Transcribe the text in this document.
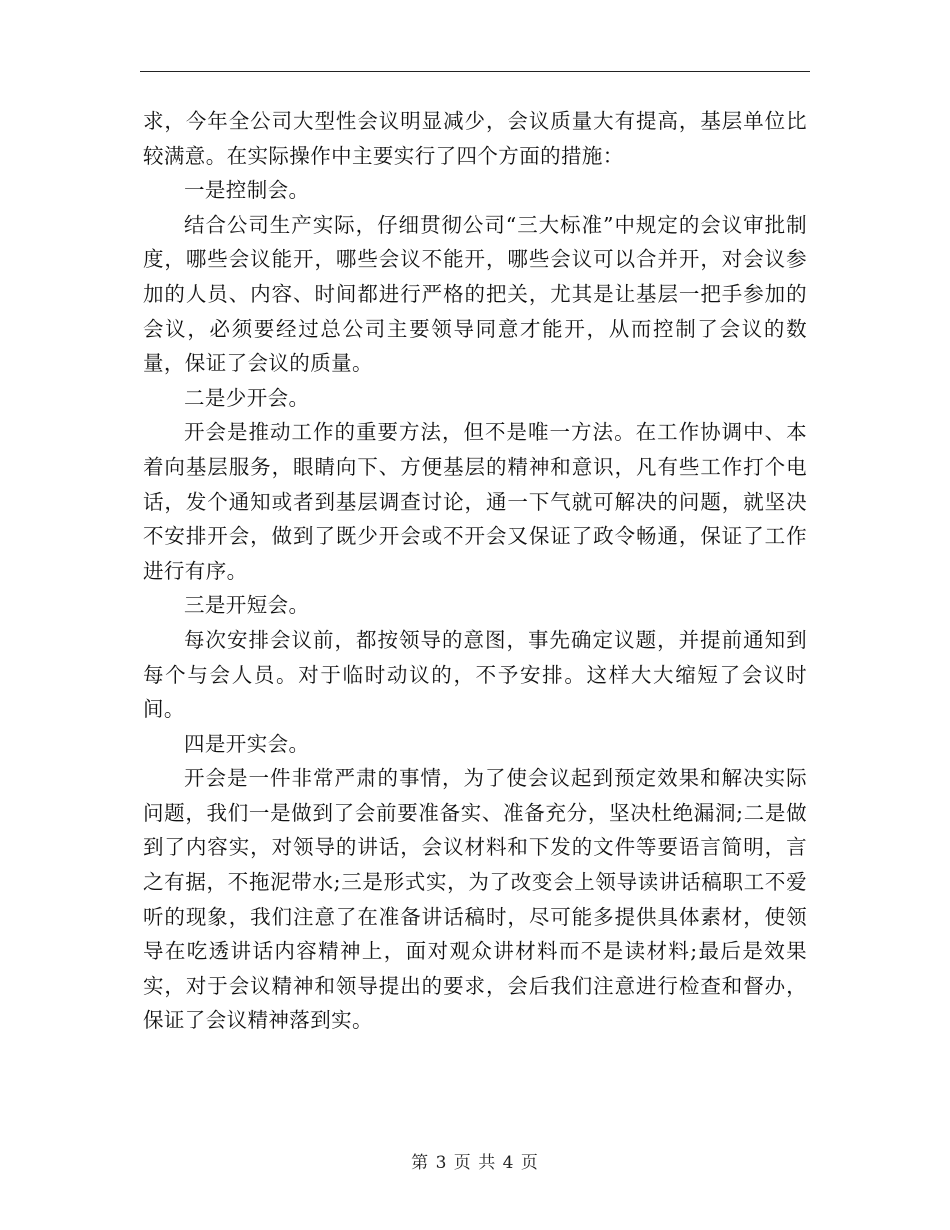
求，今年全公司大型性会议明显减少，会议质量大有提高，基层单位比较满意。在实际操作中主要实行了四个方面的措施：

一是控制会。

结合公司生产实际，仔细贯彻公司“三大标准”中规定的会议审批制度，哪些会议能开，哪些会议不能开，哪些会议可以合并开，对会议参加的人员、内容、时间都进行严格的把关，尤其是让基层一把手参加的会议，必须要经过总公司主要领导同意才能开，从而控制了会议的数量，保证了会议的质量。

二是少开会。

开会是推动工作的重要方法，但不是唯一方法。在工作协调中、本着向基层服务，眼睛向下、方便基层的精神和意识，凡有些工作打个电话，发个通知或者到基层调查讨论，通一下气就可解决的问题，就坚决不安排开会，做到了既少开会或不开会又保证了政令畅通，保证了工作进行有序。

三是开短会。

每次安排会议前，都按领导的意图，事先确定议题，并提前通知到每个与会人员。对于临时动议的，不予安排。这样大大缩短了会议时间。

四是开实会。

开会是一件非常严肃的事情，为了使会议起到预定效果和解决实际问题，我们一是做到了会前要准备实、准备充分，坚决杜绝漏洞;二是做到了内容实，对领导的讲话，会议材料和下发的文件等要语言简明，言之有据，不拖泥带水;三是形式实，为了改变会上领导读讲话稿职工不爱听的现象，我们注意了在准备讲话稿时，尽可能多提供具体素材，使领导在吃透讲话内容精神上，面对观众讲材料而不是读材料;最后是效果实，对于会议精神和领导提出的要求，会后我们注意进行检查和督办，保证了会议精神落到实。

第 3 页 共 4 页
